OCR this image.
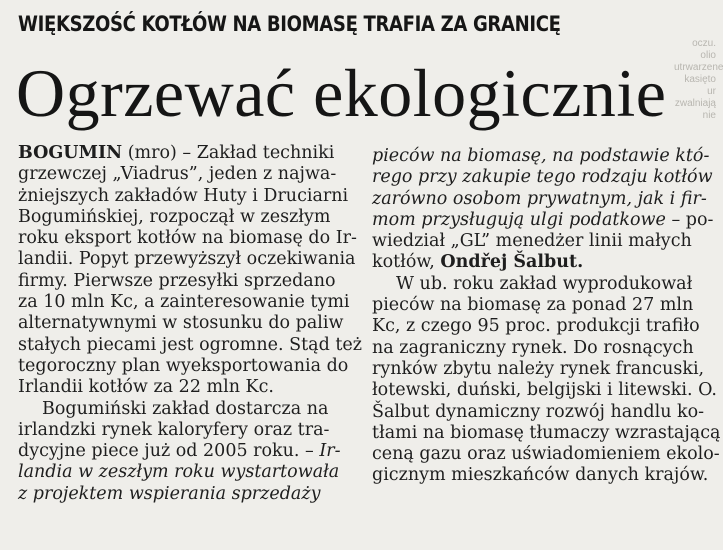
oczu. olio
utrwarzene
kasięto ur
zwalniają
nie
WIĘKSZOŚĆ KOTŁÓW NA BIOMASĘ TRAFIA ZA GRANICĘ
Ogrzewać ekologicznie
BOGUMIN (mro) – Zakład techniki
grzewczej „Viadrus”, jeden z najwa-
żniejszych zakładów Huty i Druciarni
Bogumińskiej, rozpoczął w zeszłym
roku eksport kotłów na biomasę do Ir-
landii. Popyt przewyższył oczekiwania
firmy. Pierwsze przesyłki sprzedano
za 10 mln Kc, a zainteresowanie tymi
alternatywnymi w stosunku do paliw
stałych piecami jest ogromne. Stąd też
tegoroczny plan wyeksportowania do
Irlandii kotłów za 22 mln Kc.
Bogumiński zakład dostarcza na
irlandzki rynek kaloryfery oraz tra-
dycyjne piece już od 2005 roku. – Ir-
landia w zeszłym roku wystartowała
z projektem wspierania sprzedaży
pieców na biomasę, na podstawie któ-
rego przy zakupie tego rodzaju kotłów
zarówno osobom prywatnym, jak i fir-
mom przysługują ulgi podatkowe – po-
wiedział „GL” menedżer linii małych
kotłów, Ondřej Šalbut.
W ub. roku zakład wyprodukował
pieców na biomasę za ponad 27 mln
Kc, z czego 95 proc. produkcji trafiło
na zagraniczny rynek. Do rosnących
rynków zbytu należy rynek francuski,
łotewski, duński, belgijski i litewski. O.
Šalbut dynamiczny rozwój handlu ko-
tłami na biomasę tłumaczy wzrastającą
ceną gazu oraz uświadomieniem ekolo-
gicznym mieszkańców danych krajów.
